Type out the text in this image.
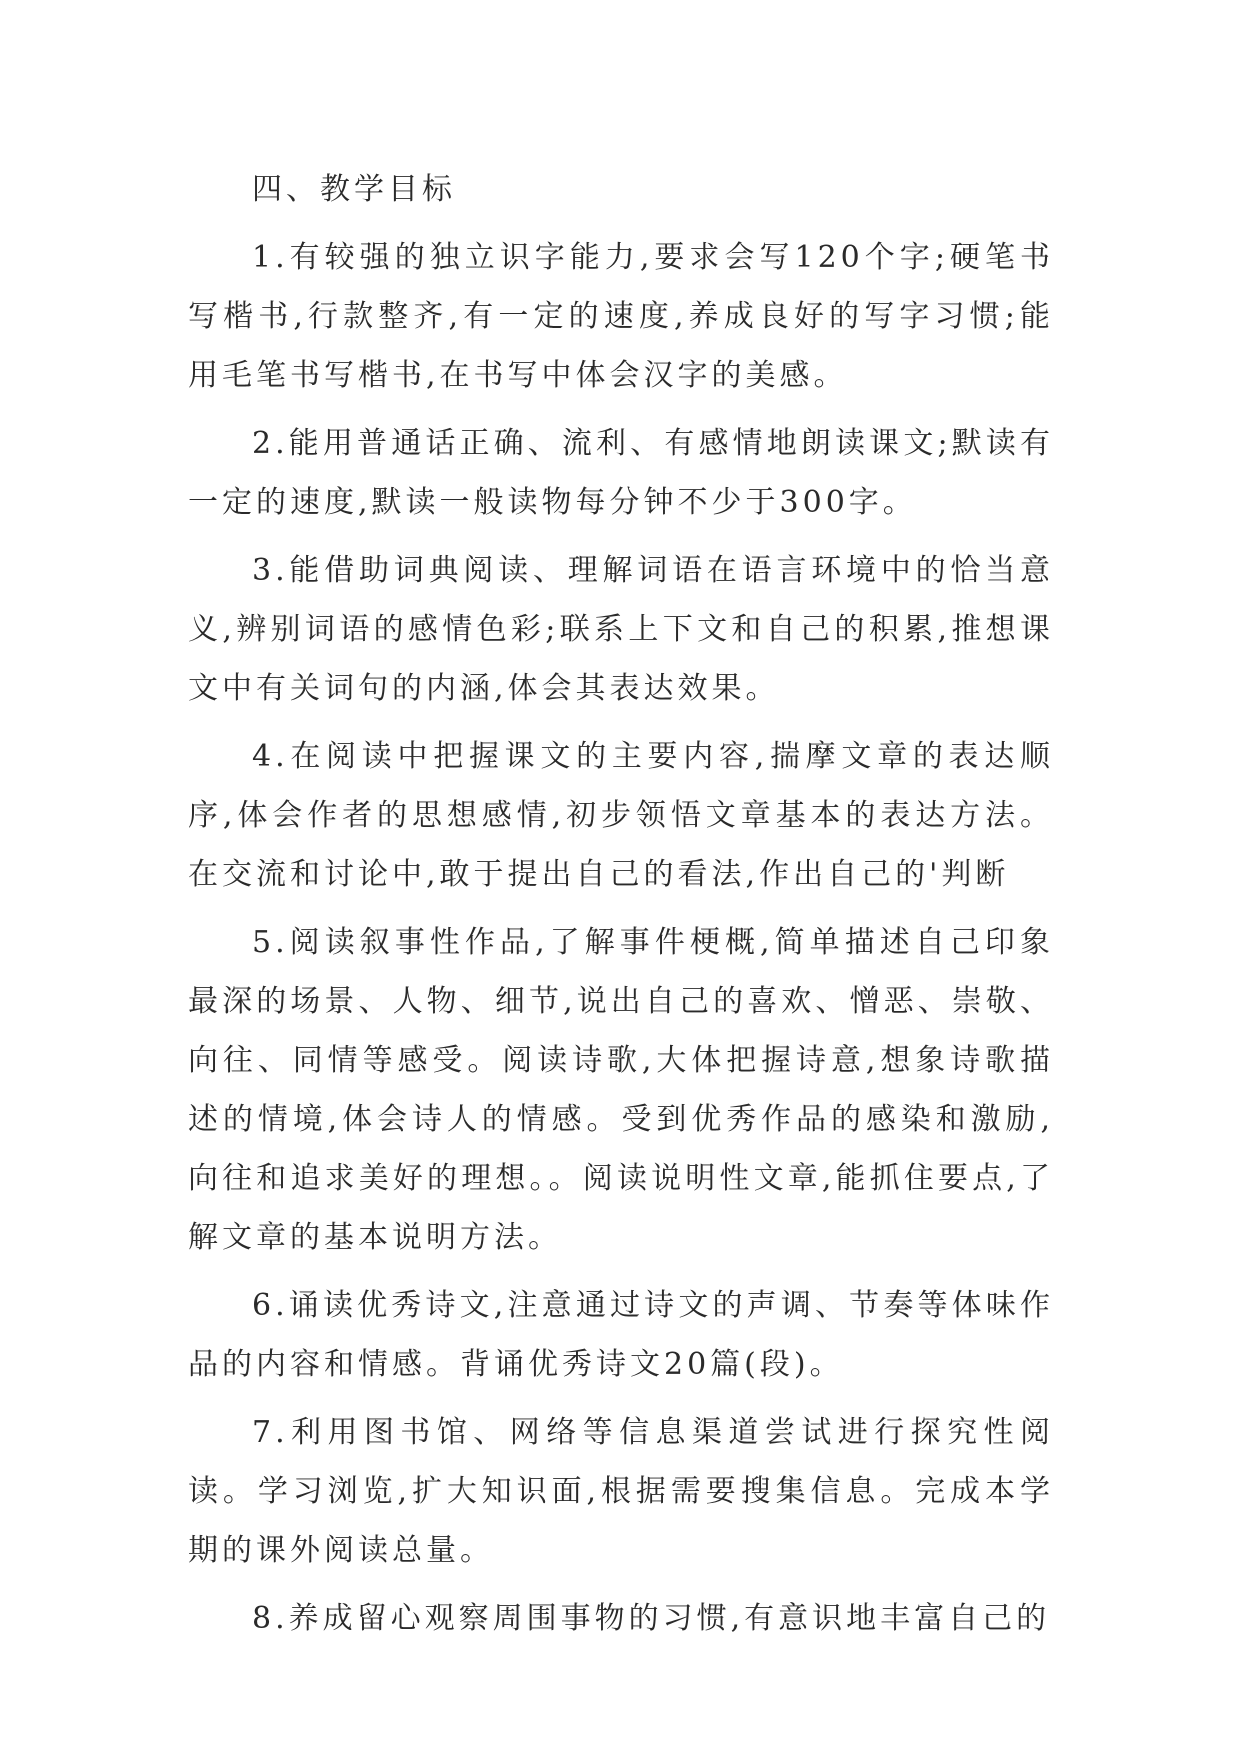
四、教学目标

1.有较强的独立识字能力,要求会写120个字;硬笔书写楷书,行款整齐,有一定的速度,养成良好的写字习惯;能用毛笔书写楷书,在书写中体会汉字的美感。

2.能用普通话正确、流利、有感情地朗读课文;默读有一定的速度,默读一般读物每分钟不少于300字。

3.能借助词典阅读、理解词语在语言环境中的恰当意义,辨别词语的感情色彩;联系上下文和自己的积累,推想课文中有关词句的内涵,体会其表达效果。

4.在阅读中把握课文的主要内容,揣摩文章的表达顺序,体会作者的思想感情,初步领悟文章基本的表达方法。在交流和讨论中,敢于提出自己的看法,作出自己的'判断

5.阅读叙事性作品,了解事件梗概,简单描述自己印象最深的场景、人物、细节,说出自己的喜欢、憎恶、崇敬、向往、同情等感受。阅读诗歌,大体把握诗意,想象诗歌描述的情境,体会诗人的情感。受到优秀作品的感染和激励,向往和追求美好的理想。。阅读说明性文章,能抓住要点,了解文章的基本说明方法。

6.诵读优秀诗文,注意通过诗文的声调、节奏等体味作品的内容和情感。背诵优秀诗文20篇(段)。

7.利用图书馆、网络等信息渠道尝试进行探究性阅读。学习浏览,扩大知识面,根据需要搜集信息。完成本学期的课外阅读总量。

8.养成留心观察周围事物的习惯,有意识地丰富自己的
